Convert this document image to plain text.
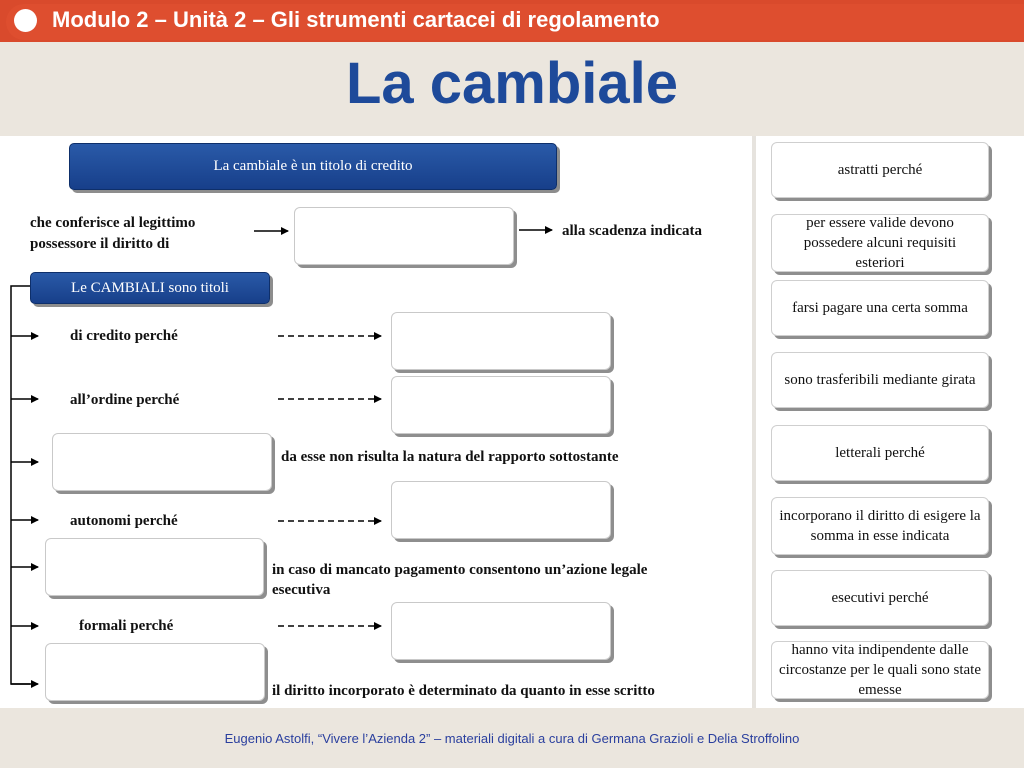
Modulo 2 – Unità 2 – Gli strumenti cartacei di regolamento
La cambiale
La cambiale è un titolo di credito
Le CAMBIALI sono titoli
che conferisce al legittimo
possessore il diritto di
alla scadenza indicata
di credito perché
all’ordine perché
da esse non risulta la natura del rapporto sottostante
autonomi perché
in caso di mancato pagamento consentono un’azione legale
esecutiva
formali perché
il diritto incorporato è determinato da quanto in esse scritto
astratti perché
per essere valide devono possedere alcuni requisiti esteriori
farsi pagare una certa somma
sono trasferibili mediante girata
letterali perché
incorporano il diritto di esigere la somma in esse indicata
esecutivi perché
hanno vita indipendente dalle circostanze per le quali sono state emesse
Eugenio Astolfi, “Vivere l’Azienda 2” – materiali digitali a cura di Germana Grazioli e Delia Stroffolino
